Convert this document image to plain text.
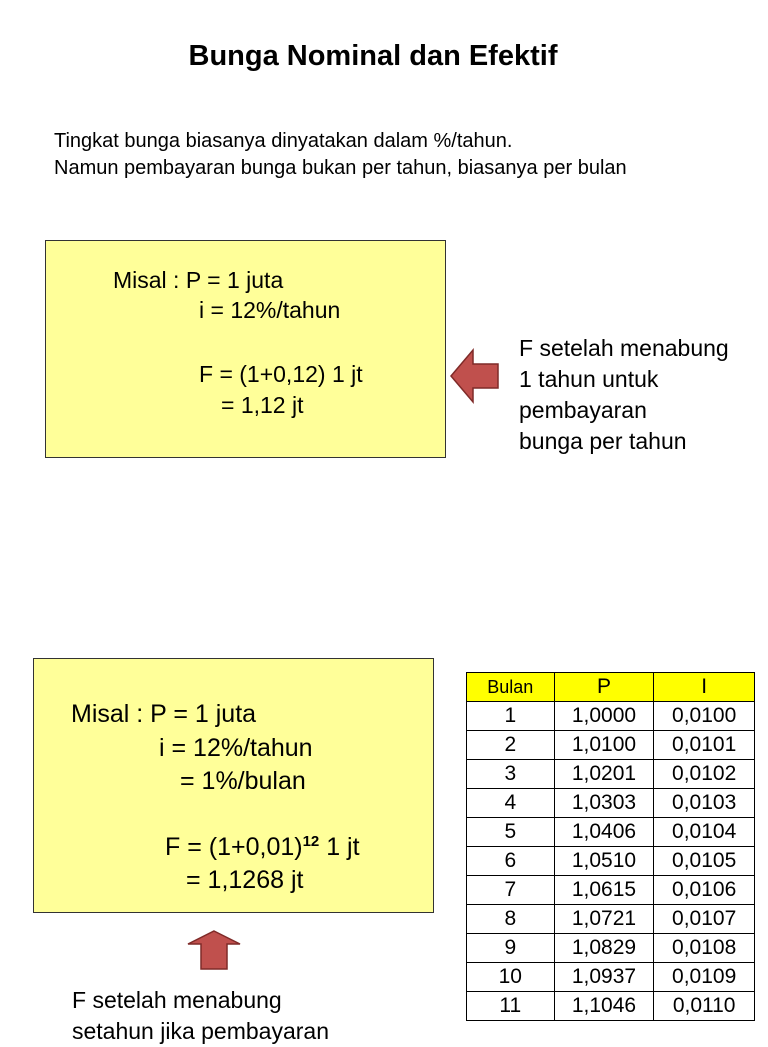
Bunga Nominal dan Efektif
Tingkat bunga biasanya dinyatakan dalam %/tahun.
Namun pembayaran bunga bukan per tahun, biasanya per bulan
Misal : P = 1 juta
i = 12%/tahun
F = (1+0,12) 1 jt
= 1,12 jt
F setelah menabung
1 tahun untuk
pembayaran
bunga per tahun
Misal : P = 1 juta
i = 12%/tahun
= 1%/bulan
$F = (1+0,01)^{12}$ 1 jt
= 1,1268 jt
F setelah menabung
setahun jika pembayaran
Bulan	P	I
1	1,0000	0,0100
2	1,0100	0,0101
3	1,0201	0,0102
4	1,0303	0,0103
5	1,0406	0,0104
6	1,0510	0,0105
7	1,0615	0,0106
8	1,0721	0,0107
9	1,0829	0,0108
10	1,0937	0,0109
11	1,1046	0,0110
